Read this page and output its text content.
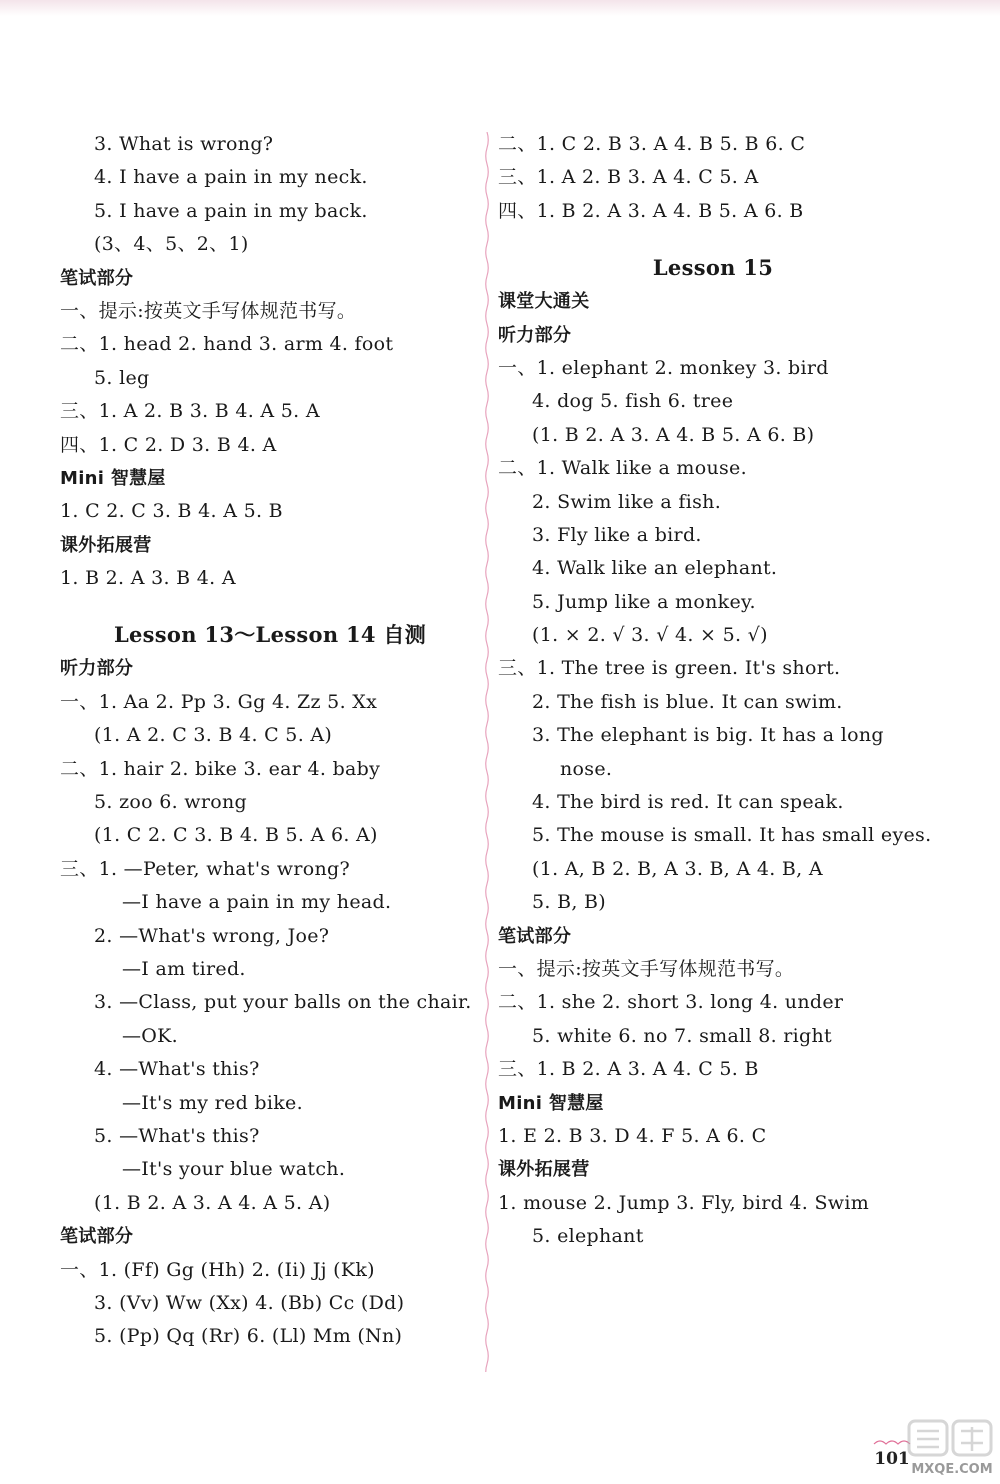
3. What is wrong?
4. I have a pain in my neck.
5. I have a pain in my back.
(3、4、5、2、1)
笔试部分
一、提示:按英文手写体规范书写。
二、1. head 2. hand 3. arm 4. foot
5. leg
三、1. A 2. B 3. B 4. A 5. A
四、1. C 2. D 3. B 4. A
Mini 智慧屋
1. C 2. C 3. B 4. A 5. B
课外拓展营
1. B 2. A 3. B 4. A
Lesson 13～Lesson 14 自测
听力部分
一、1. Aa 2. Pp 3. Gg 4. Zz 5. Xx
(1. A 2. C 3. B 4. C 5. A)
二、1. hair 2. bike 3. ear 4. baby
5. zoo 6. wrong
(1. C 2. C 3. B 4. B 5. A 6. A)
三、1. —Peter, what's wrong?
—I have a pain in my head.
2. —What's wrong, Joe?
—I am tired.
3. —Class, put your balls on the chair.
—OK.
4. —What's this?
—It's my red bike.
5. —What's this?
—It's your blue watch.
(1. B 2. A 3. A 4. A 5. A)
笔试部分
一、1. (Ff) Gg (Hh) 2. (Ii) Jj (Kk)
3. (Vv) Ww (Xx) 4. (Bb) Cc (Dd)
5. (Pp) Qq (Rr) 6. (Ll) Mm (Nn)
二、1. C 2. B 3. A 4. B 5. B 6. C
三、1. A 2. B 3. A 4. C 5. A
四、1. B 2. A 3. A 4. B 5. A 6. B
Lesson 15
课堂大通关
听力部分
一、1. elephant 2. monkey 3. bird
4. dog 5. fish 6. tree
(1. B 2. A 3. A 4. B 5. A 6. B)
二、1. Walk like a mouse.
2. Swim like a fish.
3. Fly like a bird.
4. Walk like an elephant.
5. Jump like a monkey.
(1. × 2. √ 3. √ 4. × 5. √)
三、1. The tree is green. It's short.
2. The fish is blue. It can swim.
3. The elephant is big. It has a long
nose.
4. The bird is red. It can speak.
5. The mouse is small. It has small eyes.
(1. A, B 2. B, A 3. B, A 4. B, A
5. B, B)
笔试部分
一、提示:按英文手写体规范书写。
二、1. she 2. short 3. long 4. under
5. white 6. no 7. small 8. right
三、1. B 2. A 3. A 4. C 5. B
Mini 智慧屋
1. E 2. B 3. D 4. F 5. A 6. C
课外拓展营
1. mouse 2. Jump 3. Fly, bird 4. Swim
5. elephant
101
MXQE.COM
